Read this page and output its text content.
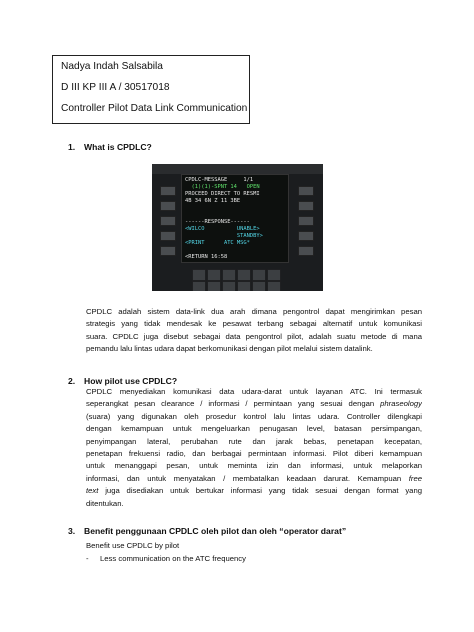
Nadya Indah Salsabila
D III KP III A / 30517018
Controller Pilot Data Link Communication
1. What is CPDLC?
CPDLC-MESSAGE     1/1
(1)(1)-SPNT 14   OPEN
PROCEED DIRECT TO RESMI
4B 34 6N Z 11 3BE
------RESPONSE------
<WILCO          UNABLE>
STANDBY>
<PRINT      ATC MSG*
<RETURN 16:58
CPDLC adalah sistem data-link dua arah dimana pengontrol dapat mengirimkan pesan
strategis yang tidak mendesak ke pesawat terbang sebagai alternatif untuk komunikasi
suara. CPDLC juga disebut sebagai data pengontrol pilot, adalah suatu metode di mana
pemandu lalu lintas udara dapat berkomunikasi dengan pilot melalui sistem datalink.
2. How pilot use CPDLC?
CPDLC menyediakan komunikasi data udara-darat untuk layanan ATC. Ini termasuk
seperangkat pesan clearance / informasi / permintaan yang sesuai dengan phraseology
(suara) yang digunakan oleh prosedur kontrol lalu lintas udara. Controller dilengkapi
dengan kemampuan untuk mengeluarkan penugasan level, batasan persimpangan,
penyimpangan lateral, perubahan rute dan jarak bebas, penetapan kecepatan,
penetapan frekuensi radio, dan berbagai permintaan informasi. Pilot diberi kemampuan
untuk menanggapi pesan, untuk meminta izin dan informasi, untuk melaporkan
informasi, dan untuk menyatakan / membatalkan keadaan darurat. Kemampuan free
text juga disediakan untuk bertukar informasi yang tidak sesuai dengan format yang
ditentukan.
3. Benefit penggunaan CPDLC oleh pilot dan oleh “operator darat”
Benefit use CPDLC by pilot
- Less communication on the ATC frequency
